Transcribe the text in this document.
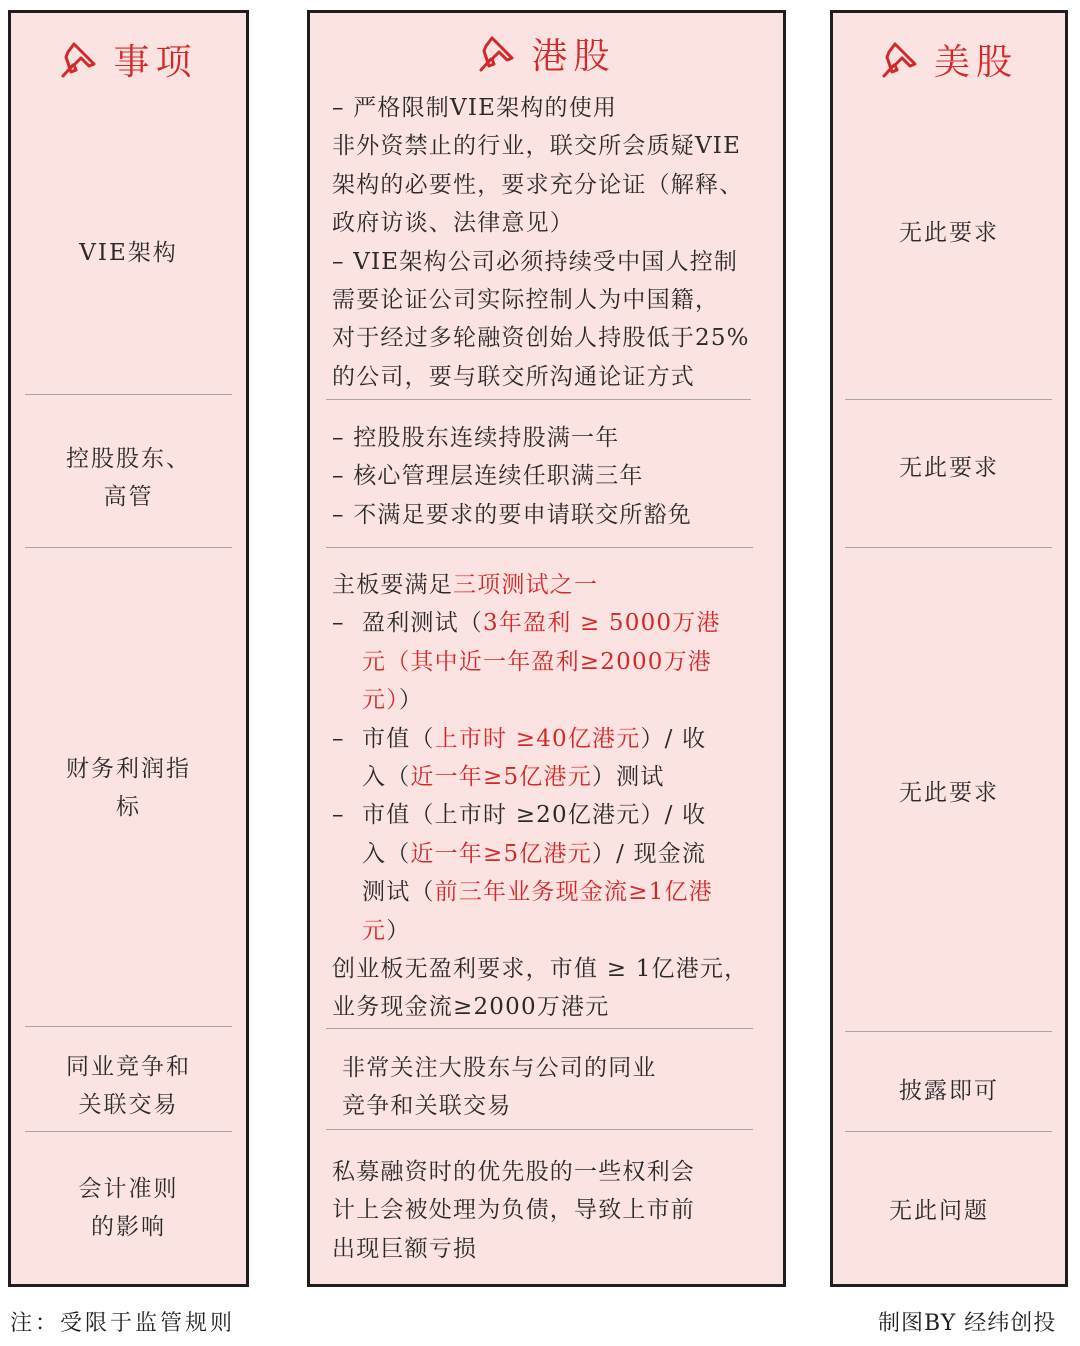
事项
VIE架构
控股股东、
高管
财务利润指
标
同业竞争和
关联交易
会计准则
的影响
港股
– 严格限制VIE架构的使用
非外资禁止的行业，联交所会质疑VIE
架构的必要性，要求充分论证（解释、
政府访谈、法律意见）
– VIE架构公司必须持续受中国人控制
需要论证公司实际控制人为中国籍，
对于经过多轮融资创始人持股低于25%
的公司，要与联交所沟通论证方式
– 控股股东连续持股满一年
– 核心管理层连续任职满三年
– 不满足要求的要申请联交所豁免
主板要满足三项测试之一
– 盈利测试（3年盈利 ≥ 5000万港
元（其中近一年盈利≥2000万港
元））
– 市值（上市时 ≥40亿港元）/ 收
入（近一年≥5亿港元）测试
– 市值（上市时 ≥20亿港元）/ 收
入（近一年≥5亿港元）/ 现金流
测试（前三年业务现金流≥1亿港
元）
创业板无盈利要求，市值 ≥ 1亿港元，
业务现金流≥2000万港元
非常关注大股东与公司的同业
竞争和关联交易
私募融资时的优先股的一些权利会
计上会被处理为负债，导致上市前
出现巨额亏损
美股
无此要求
无此要求
无此要求
披露即可
无此问题
注：受限于监管规则	制图BY 经纬创投
